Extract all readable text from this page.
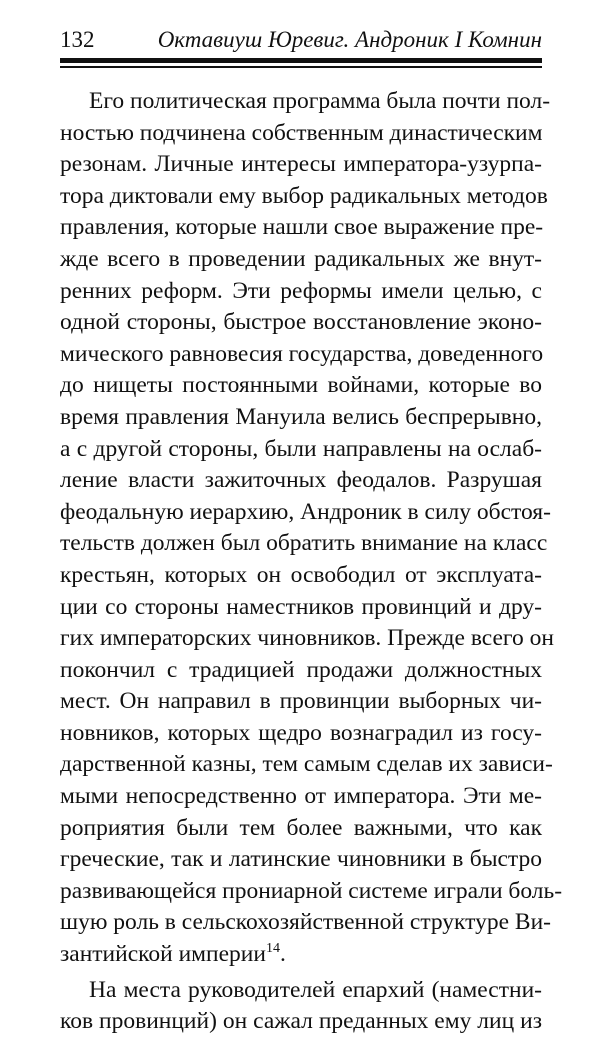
132	Октавиуш Юревиг. Андроник I Комнин
Его политическая программа была почти пол-
ностью подчинена собственным династическим
резонам. Личные интересы императора-узурпа-
тора диктовали ему выбор радикальных методов
правления, которые нашли свое выражение пре-
жде всего в проведении радикальных же внут-
ренних реформ. Эти реформы имели целью, с
одной стороны, быстрое восстановление эконо-
мического равновесия государства, доведенного
до нищеты постоянными войнами, которые во
время правления Мануила велись беспрерывно,
а с другой стороны, были направлены на ослаб-
ление власти зажиточных феодалов. Разрушая
феодальную иерархию, Андроник в силу обстоя-
тельств должен был обратить внимание на класс
крестьян, которых он освободил от эксплуата-
ции со стороны наместников провинций и дру-
гих императорских чиновников. Прежде всего он
покончил с традицией продажи должностных
мест. Он направил в провинции выборных чи-
новников, которых щедро вознаградил из госу-
дарственной казны, тем самым сделав их зависи-
мыми непосредственно от императора. Эти ме-
роприятия были тем более важными, что как
греческие, так и латинские чиновники в быстро
развивающейся прониарной системе играли боль-
шую роль в сельскохозяйственной структуре Ви-
зантийской империи$^{14}$.
На места руководителей епархий (наместни-
ков провинций) он сажал преданных ему лиц из
